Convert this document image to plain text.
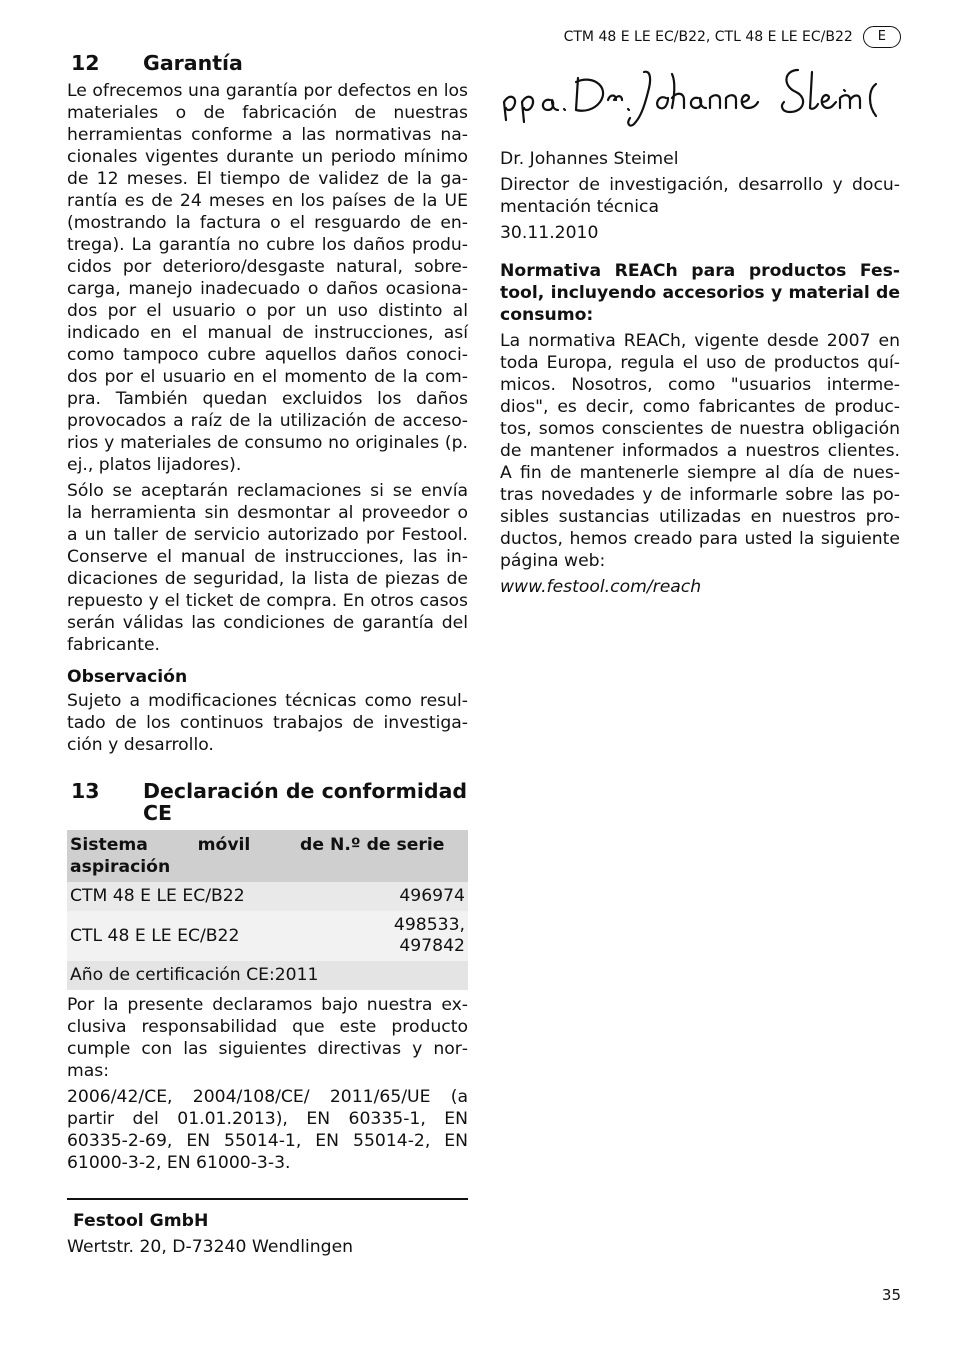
CTM 48 E LE EC/B22, CTL 48 E LE EC/B22	E
12	Garantía

Le ofrecemos una garantía por defectos en los materiales o de fabricación de nuestras herramientas conforme a las normativas nacionales vigentes durante un periodo mínimo de 12 meses. El tiempo de validez de la garantía es de 24 meses en los países de la UE (mostrando la factura o el resguardo de entrega). La garantía no cubre los daños producidos por deterioro/desgaste natural, sobrecarga, manejo inadecuado o daños ocasionados por el usuario o por un uso distinto al indicado en el manual de instrucciones, así como tampoco cubre aquellos daños conocidos por el usuario en el momento de la compra. También quedan excluidos los daños provocados a raíz de la utilización de accesorios y materiales de consumo no originales (p. ej., platos lijadores).

Sólo se aceptarán reclamaciones si se envía la herramienta sin desmontar al proveedor o a un taller de servicio autorizado por Festool. Conserve el manual de instrucciones, las indicaciones de seguridad, la lista de piezas de repuesto y el ticket de compra. En otros casos serán válidas las condiciones de garantía del fabricante.

Observación

Sujeto a modificaciones técnicas como resultado de los continuos trabajos de investigación y desarrollo.

13	Declaración de conformidad CE
Sistema móvil de aspiración	N.º de serie
CTM 48 E LE EC/B22	496974
CTL 48 E LE EC/B22	498533, 497842
Año de certificación CE:2011	

Por la presente declaramos bajo nuestra exclusiva responsabilidad que este producto cumple con las siguientes directivas y normas:

2006/42/CE, 2004/108/CE/ 2011/65/UE (a partir del 01.01.2013), EN 60335-1, EN 60335-2-69, EN 55014-1, EN 55014-2, EN 61000-3-2, EN 61000-3-3.

Festool GmbH
Wertstr. 20, D-73240 Wendlingen

Dr. Johannes Steimel

Director de investigación, desarrollo y documentación técnica

30.11.2010

Normativa REACh para productos Festool, incluyendo accesorios y material de consumo:

La normativa REACh, vigente desde 2007 en toda Europa, regula el uso de productos químicos. Nosotros, como "usuarios intermedios", es decir, como fabricantes de productos, somos conscientes de nuestra obligación de mantener informados a nuestros clientes. A fin de mantenerle siempre al día de nuestras novedades y de informarle sobre las posibles sustancias utilizadas en nuestros productos, hemos creado para usted la siguiente página web:

www.festool.com/reach

35
